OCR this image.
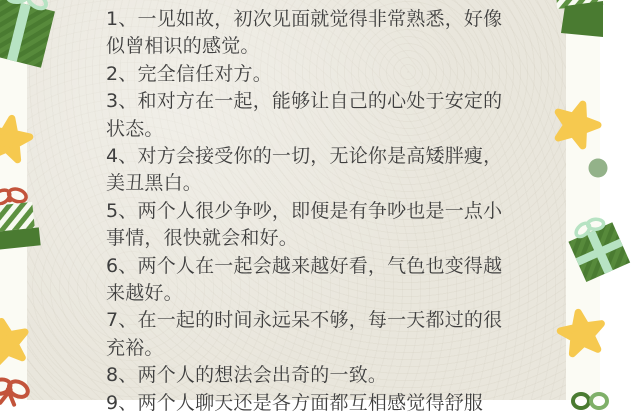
1、一见如故，初次见面就觉得非常熟悉，好像
似曾相识的感觉。
2、完全信任对方。
3、和对方在一起，能够让自己的心处于安定的
状态。
4、对方会接受你的一切，无论你是高矮胖瘦，
美丑黑白。
5、两个人很少争吵，即便是有争吵也是一点小
事情，很快就会和好。
6、两个人在一起会越来越好看，气色也变得越
来越好。
7、在一起的时间永远呆不够，每一天都过的很
充裕。
8、两个人的想法会出奇的一致。
9、两个人聊天还是各方面都互相感觉得舒服
